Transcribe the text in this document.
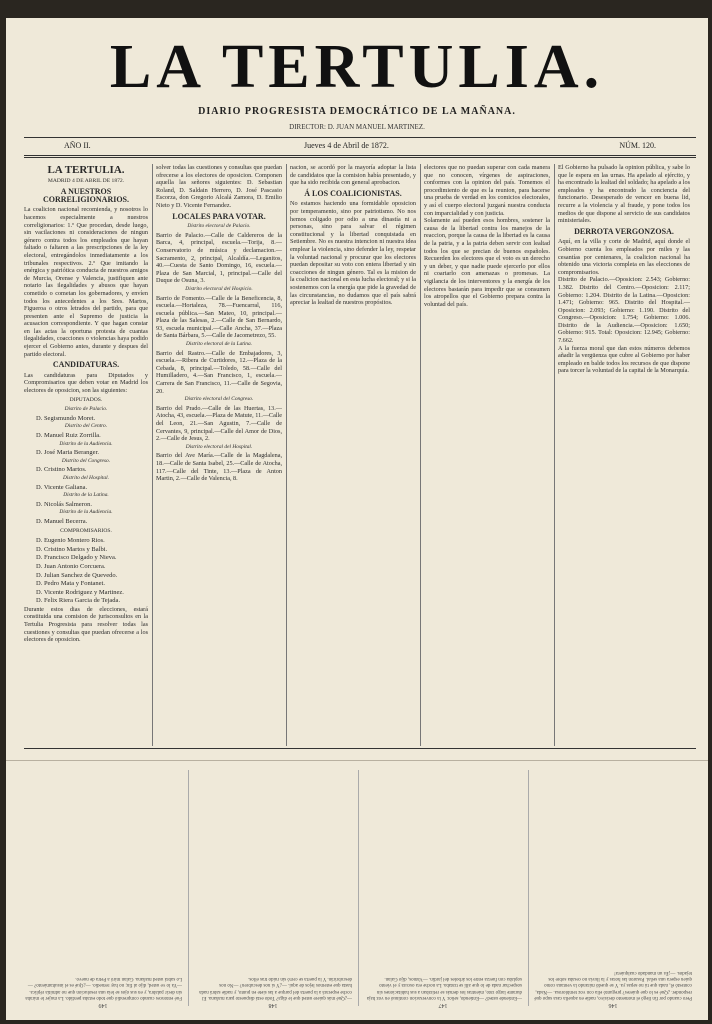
LA TERTULIA.
DIARIO PROGRESISTA DEMOCRÁTICO DE LA MAÑANA.
DIRECTOR: D. JUAN MANUEL MARTINEZ.
AÑO II.	Jueves 4 de Abril de 1872.	NÚM. 120.
LA TERTULIA.
MADRID 4 DE ABRIL DE 1872.
A NUESTROS CORRELIGIONARIOS.
La coalicion nacional recomienda, y nosotros lo hacemos especialmente a nuestros correligionarios: 1.º Que procedan, desde luego, sin vacilaciones ni consideraciones de ningun género contra todos los empleados que hayan faltado o faltaren a las prescripciones de la ley electoral, entregándolos inmediatamente a los tribunales respectivos. 2.º Que imitando la enérgica y patriótica conducta de nuestros amigos de Murcia, Orense y Valencia, justifiquen ante notario las ilegalidades y abusos que hayan cometido o cometan los gobernadores, y envíen todos los antecedentes a los Sres. Martos, Figueroa o otros letrados del partido, para que presenten ante el Supremo de justicia la acusacion correspondiente. Y que hagan constar en las actas la oportuna protesta de cuantas ilegalidades, coacciones o violencias haya podido ejercer el Gobierno antes, durante y despues del partido electoral.
CANDIDATURAS.
Las candidaturas para Diputados y Compromisarios que deben votar en Madrid los electores de oposicion, son las siguientes:
DIPUTADOS.
Distrito de Palacio.
D. Segismundo Moret.
Distrito del Centro.
D. Manuel Ruiz Zorrilla.
Distrito de la Audiencia.
D. José Maria Beranger.
Distrito del Congreso.
D. Cristino Martos.
Distrito del Hospital.
D. Vicente Galiana.
Distrito de la Latina.
D. Nicolás Salmeron.
Distrito de la Audiencia.
D. Manuel Becerra.
COMPROMISARIOS.
D. Eugenio Montero Rios.
D. Cristino Martos y Balbi.
D. Francisco Delgado y Nieva.
D. Juan Antonio Corcuera.
D. Julian Sanchez de Quevedo.
D. Pedro Mata y Fontanet.
D. Vicente Rodriguez y Martinez.
D. Felix Riera Garcia de Tejada.
Durante estos dias de elecciones, estará constituida una comision de jurisconsultos en la Tertulia Progresista para resolver todas las cuestiones y consultas que puedan ofrecerse a los electores de oposicion.
solver todas las cuestiones y consultas que puedan ofrecerse a los electores de oposicion. Componen aquella las señores siguientes: D. Sebastian Roland, D. Saldain Herrero, D. José Pascasio Escorza, don Gregorio Alcalá Zamora, D. Emilio Nieto y D. Vicente Fernandez.
LOCALES PARA VOTAR.
Distrito electoral de Palacio.
Barrio de Palacio.—Calle de Caldereros de la Barca, 4, principal, escuela.—Torija, 8.—Conservatorio de música y declamacion.—Sacramento, 2, principal, Alcaldía.—Leganitos, 40.—Cuesta de Santo Domingo, 16, escuela.—Plaza de San Marcial, 1, principal.—Calle del Duque de Osuna, 3.
Distrito electoral del Hospicio.
Barrio de Fomento.—Calle de la Beneficencia, 8, escuela.—Hortaleza, 78.—Fuencarral, 116, escuela pública.—San Mateo, 10, principal.—Plaza de las Salesas, 2.—Calle de San Bernardo, 93, escuela municipal.—Calle Ancha, 37.—Plaza de Santa Bárbara, 5.—Calle de Jacometrezo, 55.
Distrito electoral de la Latina.
Barrio del Rastro.—Calle de Embajadores, 3, escuela.—Ribera de Curtidores, 12.—Plaza de la Cebada, 8, principal.—Toledo, 58.—Calle del Humilladero, 4.—San Francisco, 1, escuela.—Carrera de San Francisco, 11.—Calle de Segovia, 20.
Distrito electoral del Congreso.
Barrio del Prado.—Calle de las Huertas, 13.—Atocha, 43, escuela.—Plaza de Matute, 11.—Calle del Leon, 21.—San Agustin, 7.—Calle de Cervantes, 9, principal.—Calle del Amor de Dios, 2.—Calle de Jesus, 2.
Distrito electoral del Hospital.
Barrio del Ave María.—Calle de la Magdalena, 18.—Calle de Santa Isabel, 25.—Calle de Atocha, 117.—Calle del Tinte, 13.—Plaza de Anton Martin, 2.—Calle de Valencia, 8.
nacion, se acordó por la mayoría adoptar la lista de candidatos que la comision había presentado, y que ha sido recibida con general aprobacion.
Á LOS COALICIONISTAS.
No estamos haciendo una formidable oposicion por temperamento, sino por patriotismo. No nos hemos coligado por odio a una dinastía ni a personas, sino para salvar el régimen constitucional y la libertad conquistada en Setiembre. No es nuestra intencion ni nuestra idea emplear la violencia, sino defender la ley, respetar la voluntad nacional y procurar que los electores puedan depositar su voto con entera libertad y sin coacciones de ningun género. Tal es la mision de la coalicion nacional en esta lucha electoral; y si la sostenemos con la energía que pide la gravedad de las circunstancias, no dudamos que el país sabrá apreciar la lealtad de nuestros propósitos.
electores que no puedan superar con cada manera que no conocen, vírgenes de aspiraciones, conformes con la opinion del país. Tomemos el procedimiento de que es la reunion, para hacerse una prueba de verdad en los comicios electorales, y así el cuerpo electoral juzgará nuestra conducta con imparcialidad y con justicia.
Solamente así pueden esos hombres, sostener la causa de la libertad contra los manejos de la reaccion, porque la causa de la libertad es la causa de la patria, y a la patria deben servir con lealtad todos los que se precian de buenos españoles. Recuerden los electores que el voto es un derecho y un deber, y que nadie puede ejercerlo por ellos ni coartarlo con amenazas o promesas. La vigilancia de los interventores y la energía de los electores bastarán para impedir que se consumen los atropellos que el Gobierno prepara contra la voluntad del país.
El Gobierno ha pulsado la opinion pública, y sabe lo que le espera en las urnas. Ha apelado al ejército, y ha encontrado la lealtad del soldado; ha apelado a los empleados y ha encontrado la conciencia del funcionario. Desesperado de vencer en buena lid, recurre a la violencia y al fraude, y pone todos los medios de que dispone al servicio de sus candidatos ministeriales.
DERROTA VERGONZOSA.
Aquí, en la villa y corte de Madrid, aquí donde el Gobierno cuenta los empleados por miles y las cesantías por centenares, la coalicion nacional ha obtenido una victoria completa en las elecciones de compromisarios.
Distrito de Palacio.—Oposicion: 2.543; Gobierno: 1.382. Distrito del Centro.—Oposicion: 2.117; Gobierno: 1.204. Distrito de la Latina.—Oposicion: 1.471; Gobierno: 965. Distrito del Hospital.—Oposicion: 2.093; Gobierno: 1.190. Distrito del Congreso.—Oposicion: 1.754; Gobierno: 1.006. Distrito de la Audiencia.—Oposicion: 1.650; Gobierno: 915. Total: Oposicion: 12.945; Gobierno: 7.662.
A la fuerza moral que dan estos números debemos añadir la vergüenza que cubre al Gobierno por haber empleado en balde todos los recursos de que dispone para torcer la voluntad de la capital de la Monarquía.
149
Fué entonces cuando comprendió que todo estaba perdido. La mujer le miraba sin decir palabra, y en sus ojos se leía una resolucion que no admitía réplica. —Ya lo ve usted, dijo al fin; no hay remedio. —¿Qué es el insultamiento? —Lo sabrá usted mañana. Galan miró a Petra de nuevo.
148
—¿Qué más quiere usted que le diga? Todo está dispuesto para mañana. El coche esperará a la puerta del parque a las siete en punto, y nadie sabrá nada hasta que estemos lejos de aquí. —¿Y si nos descubren? —No nos descubrirán. Y la puerta se cerró sin ruido tras ellos.
147
—Entiende usted? —Entiendo, señor. Y la conversacion continuó en voz baja durante largo rato, mientras los demás se retiraban a sus habitaciones sin sospechar nada de lo que allí se trataba. La noche era oscura y el viento soplaba con fuerza entre los árboles del jardin. —Vamos, dijo Galan.
146
Pero cuando por fin llegó el momento decisivo, nadie en aquella casa supo qué responder. ¿Qué es lo que quieres? preguntó ella con voz temblorosa. —Nada, contestó él, nada que tú no sepas ya. Y se quedó mirando la ventana como quien espera una señal. Pasaron las horas y la lluvia no cesaba sobre los tejados. —¡Es un mandado cualquiera!
